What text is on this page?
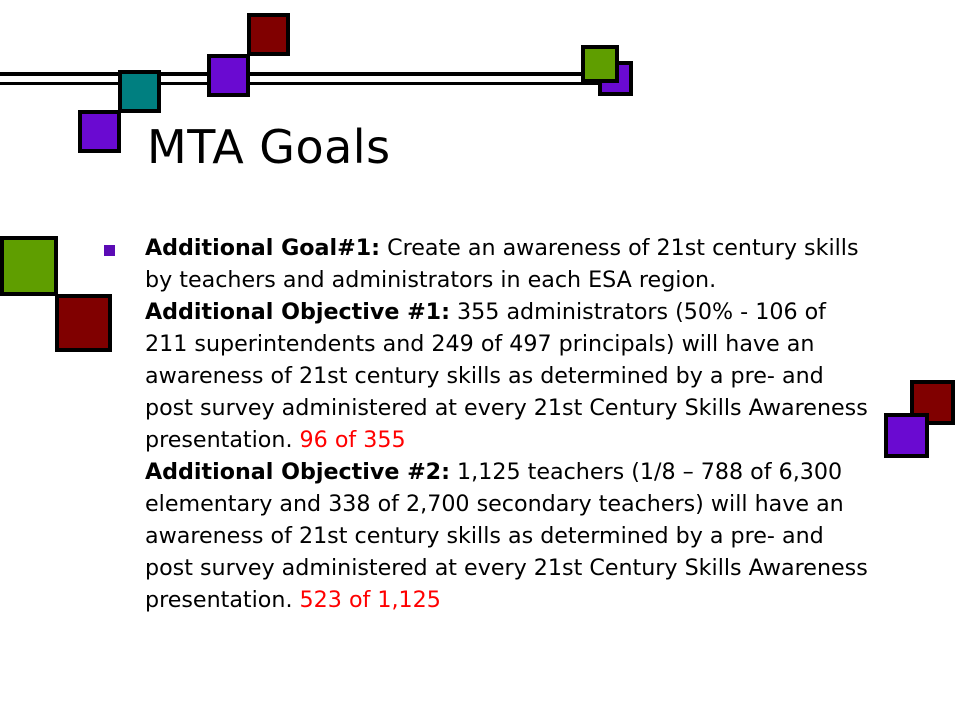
MTA Goals
Additional Goal#1: Create an awareness of 21st century skills by teachers and administrators in each ESA region.
Additional Objective #1: 355 administrators (50% - 106 of 211 superintendents and 249 of 497 principals) will have an awareness of 21st century skills as determined by a pre- and post survey administered at every 21st Century Skills Awareness presentation. 96 of 355
Additional Objective #2: 1,125 teachers (1/8 – 788 of 6,300 elementary and 338 of 2,700 secondary teachers) will have an awareness of 21st century skills as determined by a pre- and post survey administered at every 21st Century Skills Awareness presentation. 523 of 1,125
